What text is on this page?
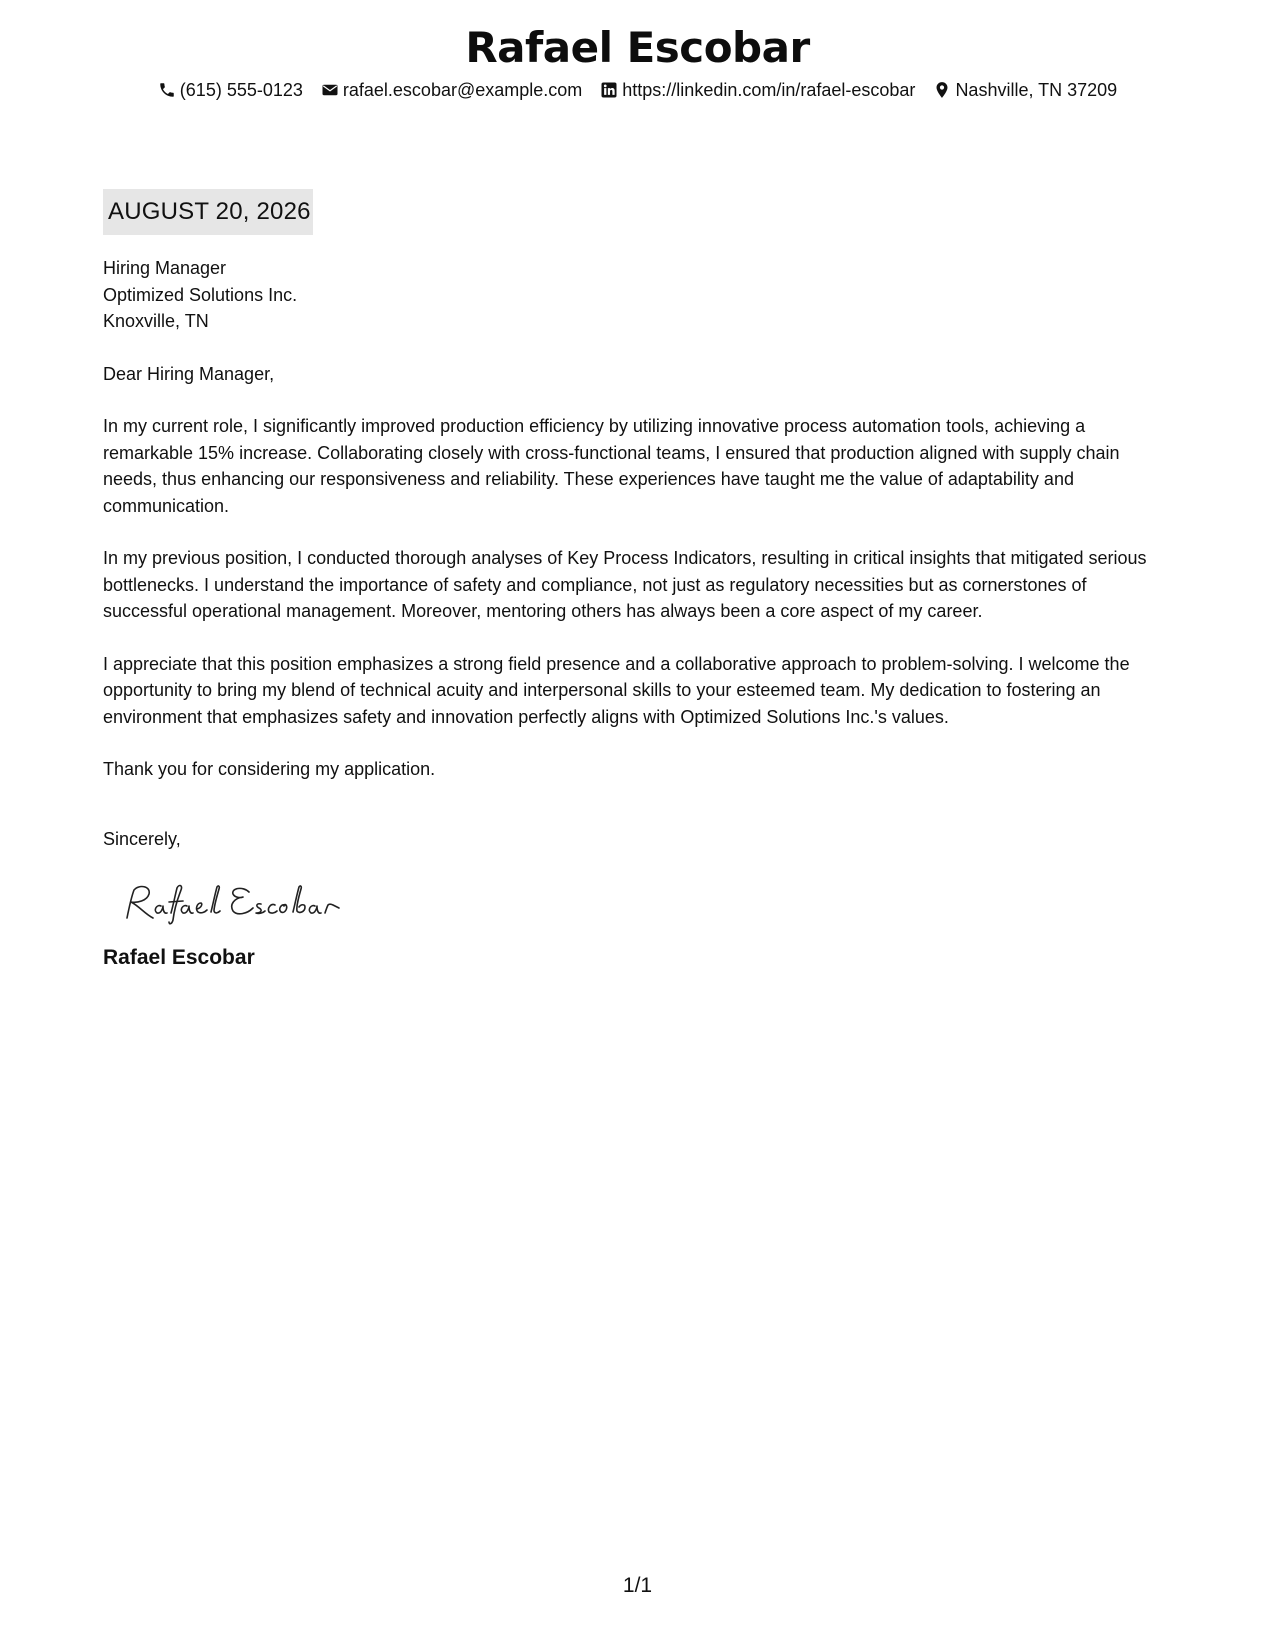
Rafael Escobar
(615) 555-0123 rafael.escobar@example.com https://linkedin.com/in/rafael-escobar Nashville, TN 37209
AUGUST 20, 2026
Hiring Manager
Optimized Solutions Inc.
Knoxville, TN
Dear Hiring Manager,

In my current role, I significantly improved production efficiency by utilizing innovative process automation tools, achieving a remarkable 15% increase. Collaborating closely with cross-functional teams, I ensured that production aligned with supply chain needs, thus enhancing our responsiveness and reliability. These experiences have taught me the value of adaptability and communication.

In my previous position, I conducted thorough analyses of Key Process Indicators, resulting in critical insights that mitigated serious bottlenecks. I understand the importance of safety and compliance, not just as regulatory necessities but as cornerstones of successful operational management. Moreover, mentoring others has always been a core aspect of my career.

I appreciate that this position emphasizes a strong field presence and a collaborative approach to problem-solving. I welcome the opportunity to bring my blend of technical acuity and interpersonal skills to your esteemed team. My dedication to fostering an environment that emphasizes safety and innovation perfectly aligns with Optimized Solutions Inc.'s values.

Thank you for considering my application.
Sincerely,
Rafael Escobar
1/1
